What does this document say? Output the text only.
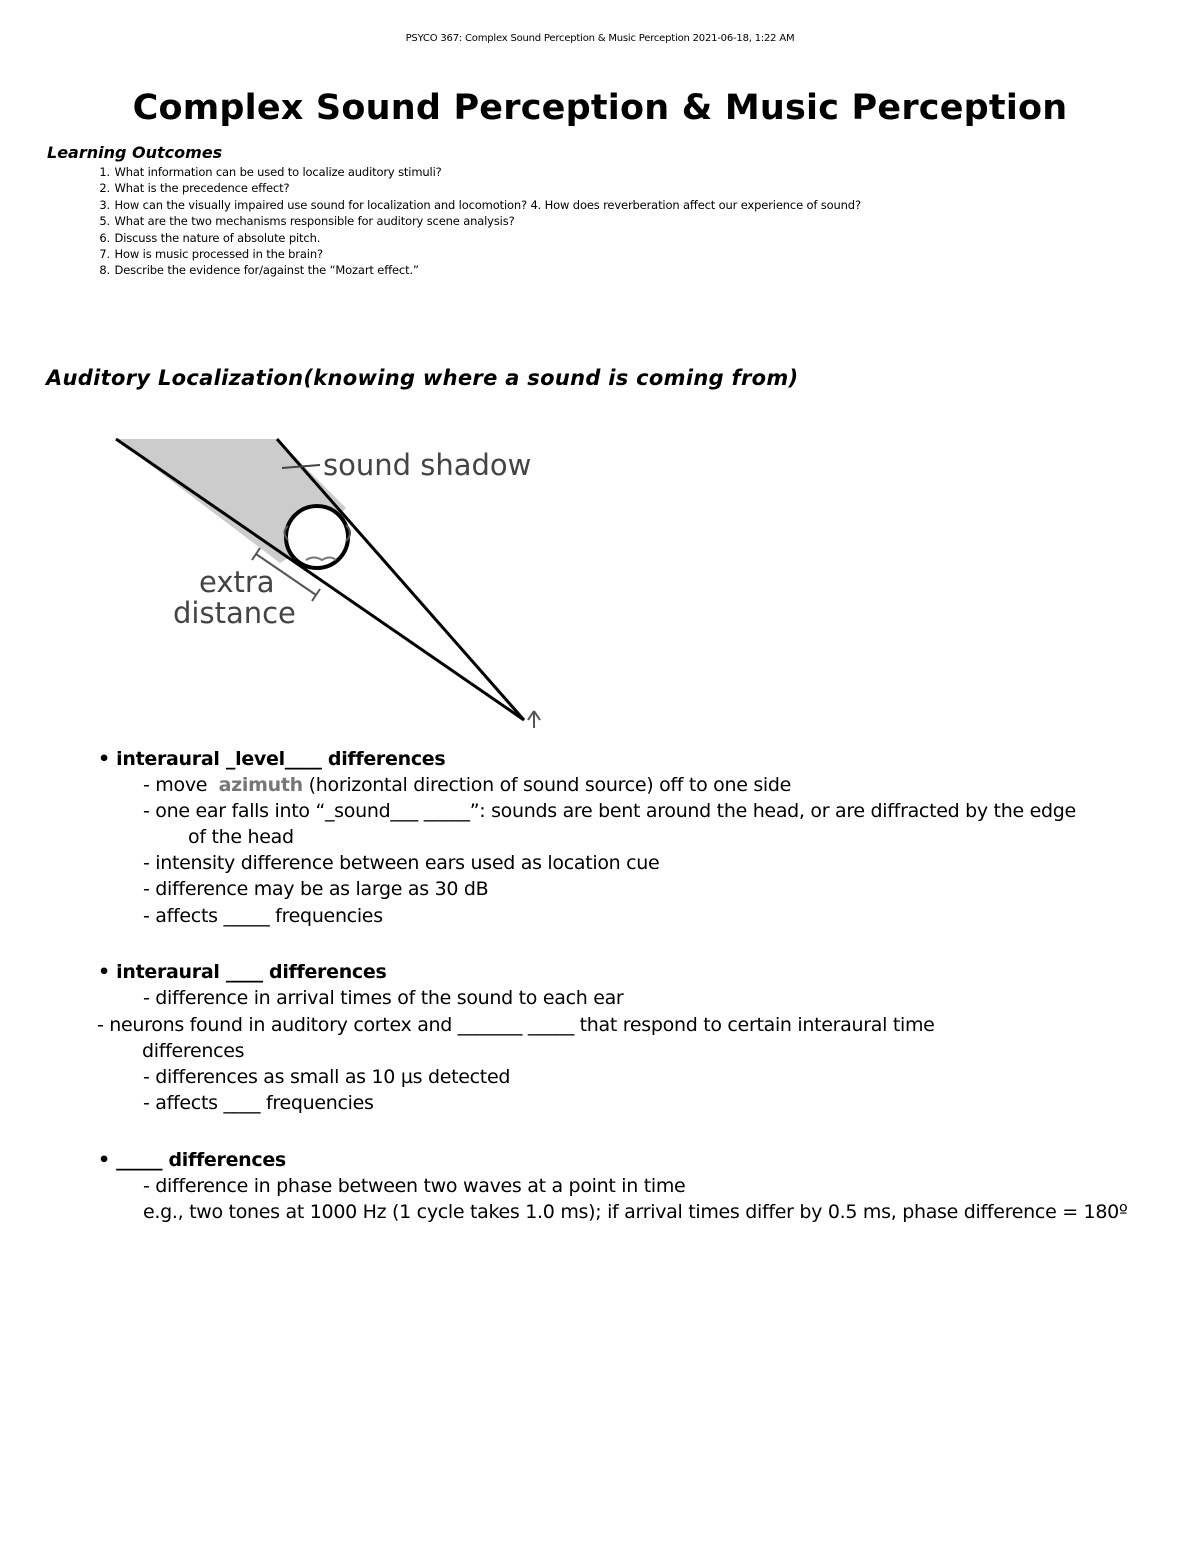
PSYCO 367: Complex Sound Perception & Music Perception 2021-06-18, 1:22 AM
Complex Sound Perception & Music Perception
Learning Outcomes
1. What information can be used to localize auditory stimuli?
2. What is the precedence effect?
3. How can the visually impaired use sound for localization and locomotion? 4. How does reverberation affect our experience of sound?
5. What are the two mechanisms responsible for auditory scene analysis?
6. Discuss the nature of absolute pitch.
7. How is music processed in the brain?
8. Describe the evidence for/against the “Mozart effect.”
Auditory Localization(knowing where a sound is coming from)
sound shadow
extra
distance
• interaural _level____ differences
- move azimuth (horizontal direction of sound source) off to one side
- one ear falls into “_sound___ _____”: sounds are bent around the head, or are diffracted by the edge
of the head
- intensity difference between ears used as location cue
- difference may be as large as 30 dB
- affects _____ frequencies
• interaural ____ differences
- difference in arrival times of the sound to each ear
- neurons found in auditory cortex and _______ _____ that respond to certain interaural time
differences
- differences as small as 10 µs detected
- affects ____ frequencies
• _____ differences
- difference in phase between two waves at a point in time
e.g., two tones at 1000 Hz (1 cycle takes 1.0 ms); if arrival times differ by 0.5 ms, phase difference = 180º
